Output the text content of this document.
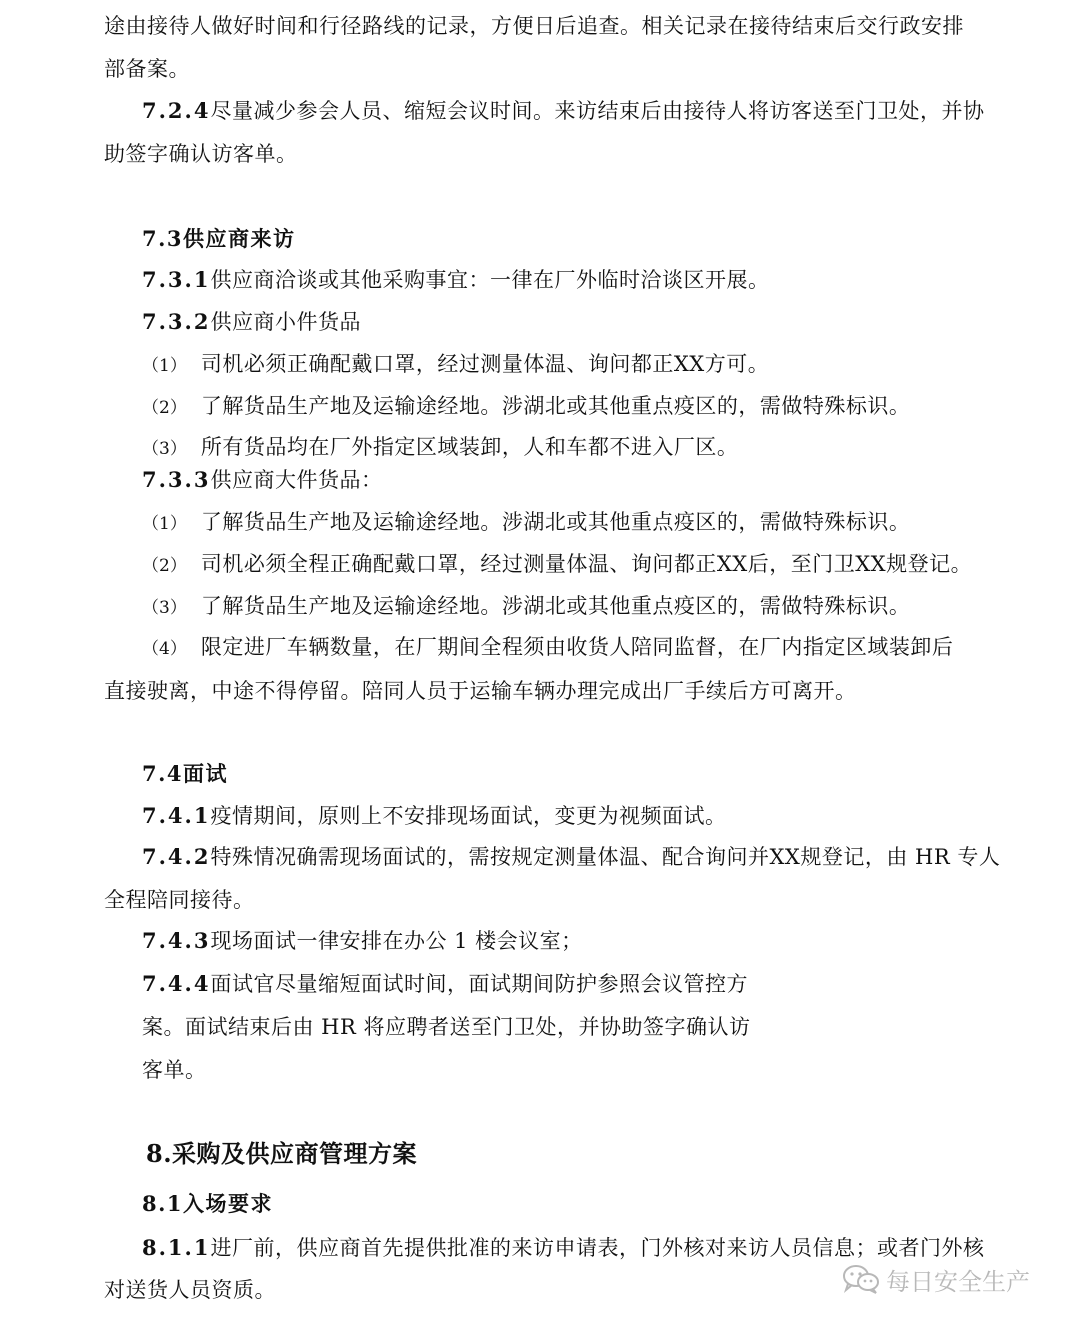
途由接待人做好时间和行径路线的记录，方便日后追查。相关记录在接待结束后交行政安排
部备案。
7.2.4尽量减少参会人员、缩短会议时间。来访结束后由接待人将访客送至门卫处，并协
助签字确认访客单。
7.3供应商来访
7.3.1供应商洽谈或其他采购事宜：一律在厂外临时洽谈区开展。
7.3.2供应商小件货品
（1） 司机必须正确配戴口罩，经过测量体温、询问都正XX方可。
（2） 了解货品生产地及运输途经地。涉湖北或其他重点疫区的，需做特殊标识。
（3） 所有货品均在厂外指定区域装卸，人和车都不进入厂区。
7.3.3供应商大件货品：
（1） 了解货品生产地及运输途经地。涉湖北或其他重点疫区的，需做特殊标识。
（2） 司机必须全程正确配戴口罩，经过测量体温、询问都正XX后，至门卫XX规登记。
（3） 了解货品生产地及运输途经地。涉湖北或其他重点疫区的，需做特殊标识。
（4） 限定进厂车辆数量，在厂期间全程须由收货人陪同监督，在厂内指定区域装卸后
直接驶离，中途不得停留。陪同人员于运输车辆办理完成出厂手续后方可离开。
7.4面试
7.4.1疫情期间，原则上不安排现场面试，变更为视频面试。
7.4.2特殊情况确需现场面试的，需按规定测量体温、配合询问并XX规登记，由 HR 专人
全程陪同接待。
7.4.3现场面试一律安排在办公 1 楼会议室；
7.4.4面试官尽量缩短面试时间，面试期间防护参照会议管控方
案。面试结束后由 HR 将应聘者送至门卫处，并协助签字确认访
客单。
8.采购及供应商管理方案
8.1入场要求
8.1.1进厂前，供应商首先提供批准的来访申请表，门外核对来访人员信息；或者门外核
对送货人员资质。	每日安全生产
